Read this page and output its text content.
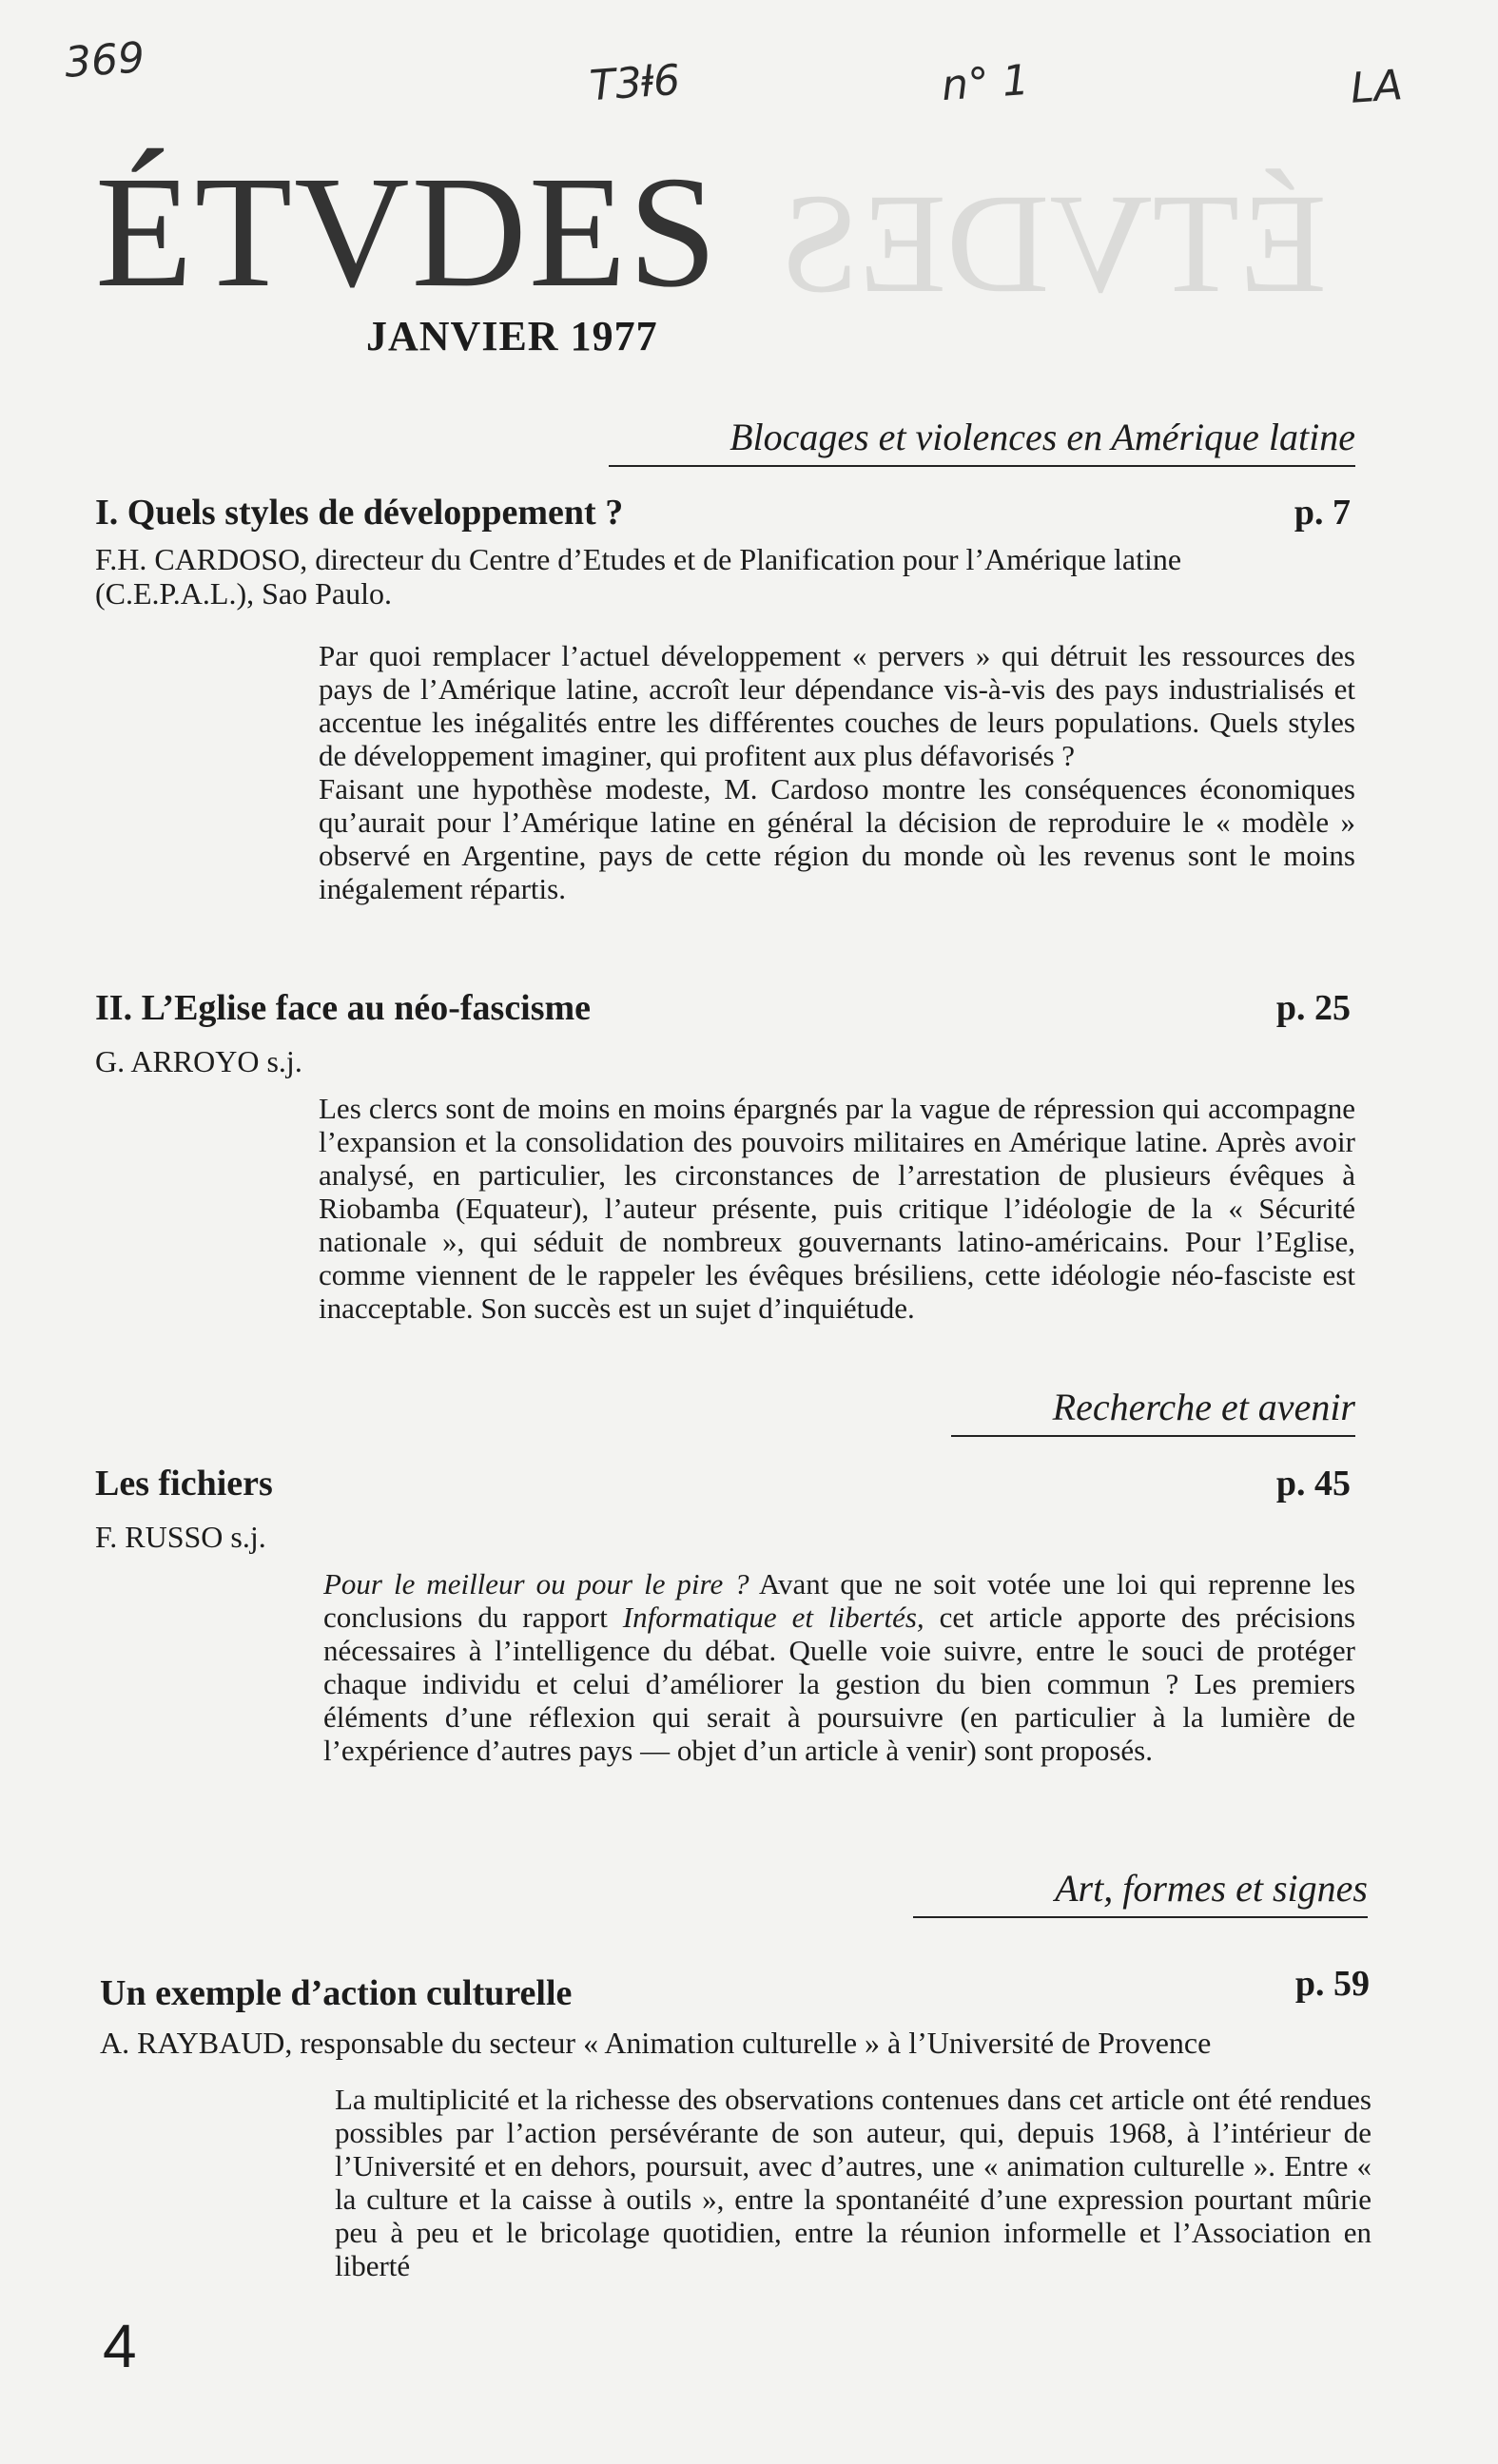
ÉTVDES
369	T3ⱡ6	n° 1	LA
ÉTVDES
JANVIER 1977
Blocages et violences en Amérique latine
I. Quels styles de développement ?	p. 7
F.H. CARDOSO, directeur du Centre d’Etudes et de Planification pour l’Amérique latine
(C.E.P.A.L.), Sao Paulo.

Par quoi remplacer l’actuel développement « pervers » qui détruit les ressources des pays de l’Amérique latine, accroît leur dépendance vis-à-vis des pays industrialisés et accentue les inégalités entre les différentes couches de leurs populations. Quels styles de développement imaginer, qui profitent aux plus défavorisés ?

Faisant une hypothèse modeste, M. Cardoso montre les conséquences économiques qu’aurait pour l’Amérique latine en général la décision de reproduire le « modèle » observé en Argentine, pays de cette région du monde où les revenus sont le moins inégalement répartis.

II. L’Eglise face au néo-fascisme	p. 25
G. ARROYO s.j.
Les clercs sont de moins en moins épargnés par la vague de répression qui accompagne l’expansion et la consolidation des pouvoirs militaires en Amérique latine. Après avoir analysé, en particulier, les circonstances de l’arrestation de plusieurs évêques à Riobamba (Equateur), l’auteur présente, puis critique l’idéologie de la « Sécurité nationale », qui séduit de nombreux gouvernants latino-américains. Pour l’Eglise, comme viennent de le rappeler les évêques brésiliens, cette idéologie néo-fasciste est inacceptable. Son succès est un sujet d’inquiétude.
Recherche et avenir
Les fichiers	p. 45
F. RUSSO s.j.

Pour le meilleur ou pour le pire ? Avant que ne soit votée une loi qui reprenne les conclusions du rapport Informatique et libertés, cet article apporte des précisions nécessaires à l’intelligence du débat. Quelle voie suivre, entre le souci de protéger chaque individu et celui d’améliorer la gestion du bien commun ? Les premiers éléments d’une réflexion qui serait à poursuivre (en particulier à la lumière de l’expérience d’autres pays — objet d’un article à venir) sont proposés.

Art, formes et signes
Un exemple d’action culturelle	p. 59
A. RAYBAUD, responsable du secteur « Animation culturelle » à l’Université de Provence
La multiplicité et la richesse des observations contenues dans cet article ont été rendues possibles par l’action persévérante de son auteur, qui, depuis 1968, à l’intérieur de l’Université et en dehors, poursuit, avec d’autres, une « animation culturelle ». Entre « la culture et la caisse à outils », entre la spontanéité d’une expression pourtant mûrie peu à peu et le bricolage quotidien, entre la réunion informelle et l’Association en liberté
4
